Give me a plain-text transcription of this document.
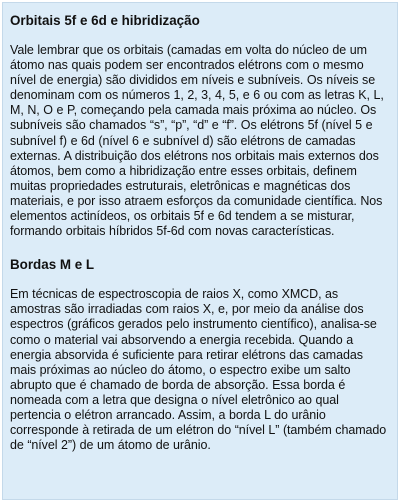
Orbitais 5f e 6d e hibridização

Vale lembrar que os orbitais (camadas em volta do núcleo de um átomo nas quais podem ser encontrados elétrons com o mesmo nível de energia) são divididos em níveis e subníveis. Os níveis se denominam com os números 1, 2, 3, 4, 5, e 6 ou com as letras K, L, M, N, O e P, começando pela camada mais próxima ao núcleo. Os subníveis são chamados “s”, “p”, “d” e “f”. Os elétrons 5f (nível 5 e subnível f) e 6d (nível 6 e subnível d) são elétrons de camadas externas. A distribuição dos elétrons nos orbitais mais externos dos átomos, bem como a hibridização entre esses orbitais, definem muitas propriedades estruturais, eletrônicas e magnéticas dos materiais, e por isso atraem esforços da comunidade científica. Nos elementos actinídeos, os orbitais 5f e 6d tendem a se misturar, formando orbitais híbridos 5f-6d com novas características.

Bordas M e L

Em técnicas de espectroscopia de raios X, como XMCD, as amostras são irradiadas com raios X, e, por meio da análise dos espectros (gráficos gerados pelo instrumento científico), analisa-se como o material vai absorvendo a energia recebida. Quando a energia absorvida é suficiente para retirar elétrons das camadas mais próximas ao núcleo do átomo, o espectro exibe um salto abrupto que é chamado de borda de absorção. Essa borda é nomeada com a letra que designa o nível eletrônico ao qual pertencia o elétron arrancado. Assim, a borda L do urânio corresponde à retirada de um elétron do “nível L” (também chamado de “nível 2”) de um átomo de urânio.
